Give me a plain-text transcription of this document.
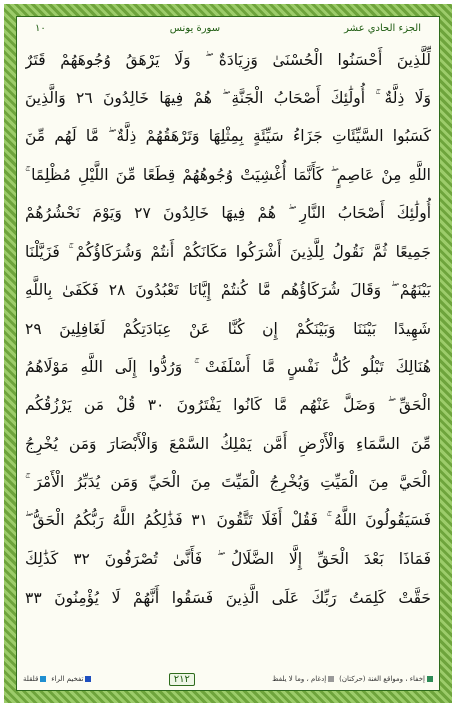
١٠	سورة يونس	الجزء الحادي عشر
لِّلَّذِينَ أَحْسَنُوا الْحُسْنَىٰ وَزِيَادَةٌ ۖ وَلَا يَرْهَقُ وُجُوهَهُمْ قَتَرٌ
وَلَا ذِلَّةٌ ۚ أُولَٰئِكَ أَصْحَابُ الْجَنَّةِ ۖ هُمْ فِيهَا خَالِدُونَ ٢٦ وَالَّذِينَ
كَسَبُوا السَّيِّئَاتِ جَزَاءُ سَيِّئَةٍ بِمِثْلِهَا وَتَرْهَقُهُمْ ذِلَّةٌ ۖ مَّا لَهُم مِّنَ
اللَّهِ مِنْ عَاصِمٍ ۖ كَأَنَّمَا أُغْشِيَتْ وُجُوهُهُمْ قِطَعًا مِّنَ اللَّيْلِ مُظْلِمًا ۚ
أُولَٰئِكَ أَصْحَابُ النَّارِ ۖ هُمْ فِيهَا خَالِدُونَ ٢٧ وَيَوْمَ نَحْشُرُهُمْ
جَمِيعًا ثُمَّ نَقُولُ لِلَّذِينَ أَشْرَكُوا مَكَانَكُمْ أَنتُمْ وَشُرَكَاؤُكُمْ ۚ فَزَيَّلْنَا
بَيْنَهُمْ ۖ وَقَالَ شُرَكَاؤُهُم مَّا كُنتُمْ إِيَّانَا تَعْبُدُونَ ٢٨ فَكَفَىٰ بِاللَّهِ
شَهِيدًا بَيْنَنَا وَبَيْنَكُمْ إِن كُنَّا عَنْ عِبَادَتِكُمْ لَغَافِلِينَ ٢٩
هُنَالِكَ تَبْلُو كُلُّ نَفْسٍ مَّا أَسْلَفَتْ ۚ وَرُدُّوا إِلَى اللَّهِ مَوْلَاهُمُ
الْحَقِّ ۖ وَضَلَّ عَنْهُم مَّا كَانُوا يَفْتَرُونَ ٣٠ قُلْ مَن يَرْزُقُكُم
مِّنَ السَّمَاءِ وَالْأَرْضِ أَمَّن يَمْلِكُ السَّمْعَ وَالْأَبْصَارَ وَمَن يُخْرِجُ
الْحَيَّ مِنَ الْمَيِّتِ وَيُخْرِجُ الْمَيِّتَ مِنَ الْحَيِّ وَمَن يُدَبِّرُ الْأَمْرَ ۚ
فَسَيَقُولُونَ اللَّهُ ۚ فَقُلْ أَفَلَا تَتَّقُونَ ٣١ فَذَٰلِكُمُ اللَّهُ رَبُّكُمُ الْحَقُّ ۖ
فَمَاذَا بَعْدَ الْحَقِّ إِلَّا الضَّلَالُ ۖ فَأَنَّىٰ تُصْرَفُونَ ٣٢ كَذَٰلِكَ
حَقَّتْ كَلِمَتُ رَبِّكَ عَلَى الَّذِينَ فَسَقُوا أَنَّهُمْ لَا يُؤْمِنُونَ ٣٣
إخفاء ، ومواقع الغنة (حركتان)
إدغام ، وما لا يلفظ
٢١٢
تفخيم الراء
قلقلة
